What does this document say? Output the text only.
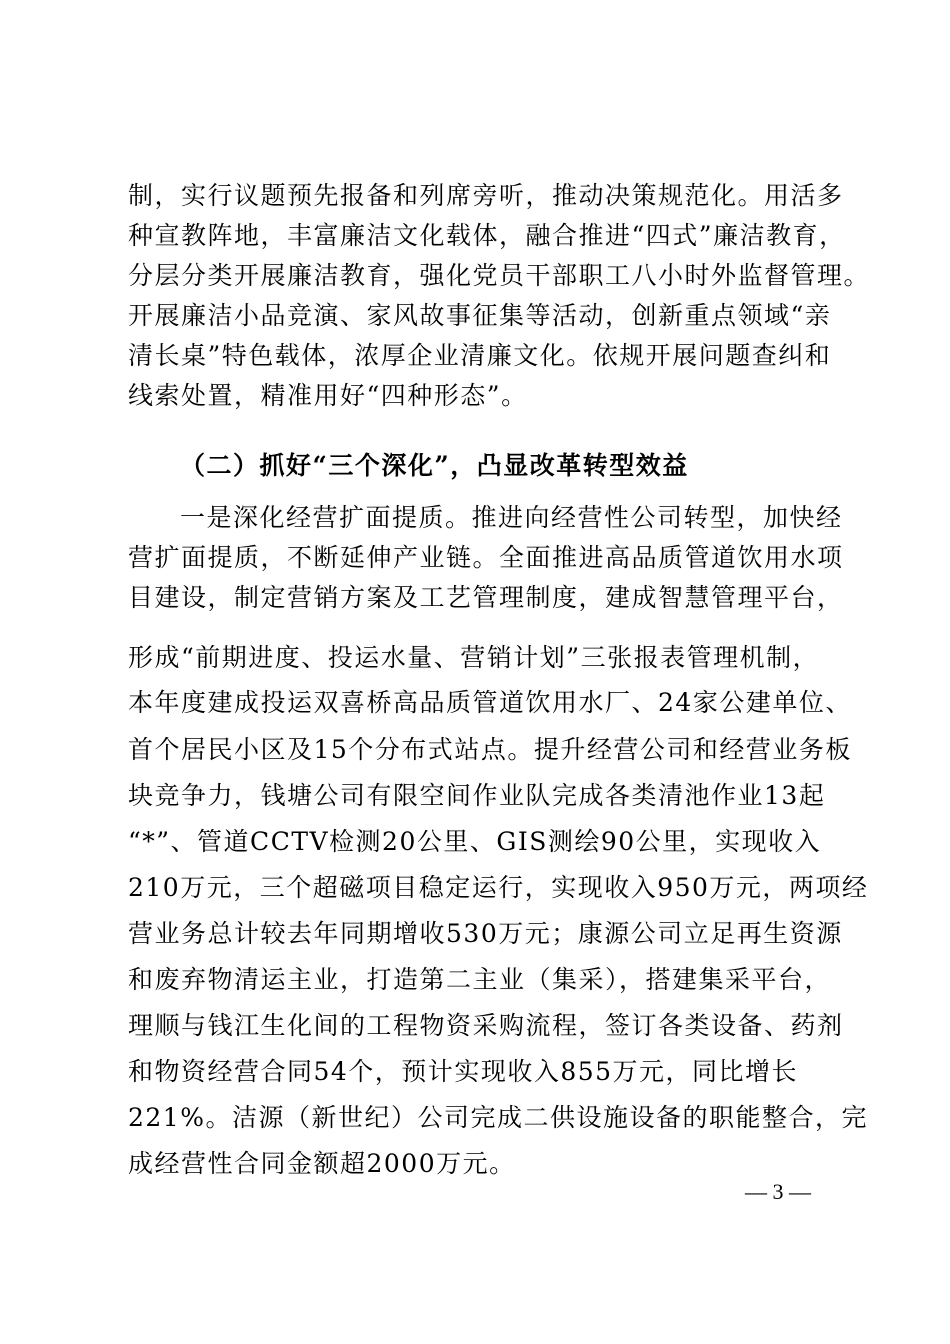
制，实行议题预先报备和列席旁听，推动决策规范化。用活多
种宣教阵地，丰富廉洁文化载体，融合推进“四式”廉洁教育，
分层分类开展廉洁教育，强化党员干部职工八小时外监督管理。
开展廉洁小品竞演、家风故事征集等活动，创新重点领域“亲
清长桌”特色载体，浓厚企业清廉文化。依规开展问题查纠和
线索处置，精准用好“四种形态”。
（二）抓好“三个深化”，凸显改革转型效益
一是深化经营扩面提质。推进向经营性公司转型，加快经
营扩面提质，不断延伸产业链。全面推进高品质管道饮用水项
目建设，制定营销方案及工艺管理制度，建成智慧管理平台，
形成“前期进度、投运水量、营销计划”三张报表管理机制，
本年度建成投运双喜桥高品质管道饮用水厂、24家公建单位、
首个居民小区及15个分布式站点。提升经营公司和经营业务板
块竞争力，钱塘公司有限空间作业队完成各类清池作业13起
“*”、管道CCTV检测20公里、GIS测绘90公里，实现收入
210万元，三个超磁项目稳定运行，实现收入950万元，两项经
营业务总计较去年同期增收530万元；康源公司立足再生资源
和废弃物清运主业，打造第二主业（集采），搭建集采平台，
理顺与钱江生化间的工程物资采购流程，签订各类设备、药剂
和物资经营合同54个，预计实现收入855万元，同比增长
221%。洁源（新世纪）公司完成二供设施设备的职能整合，完
成经营性合同金额超2000万元。
— 3 —
